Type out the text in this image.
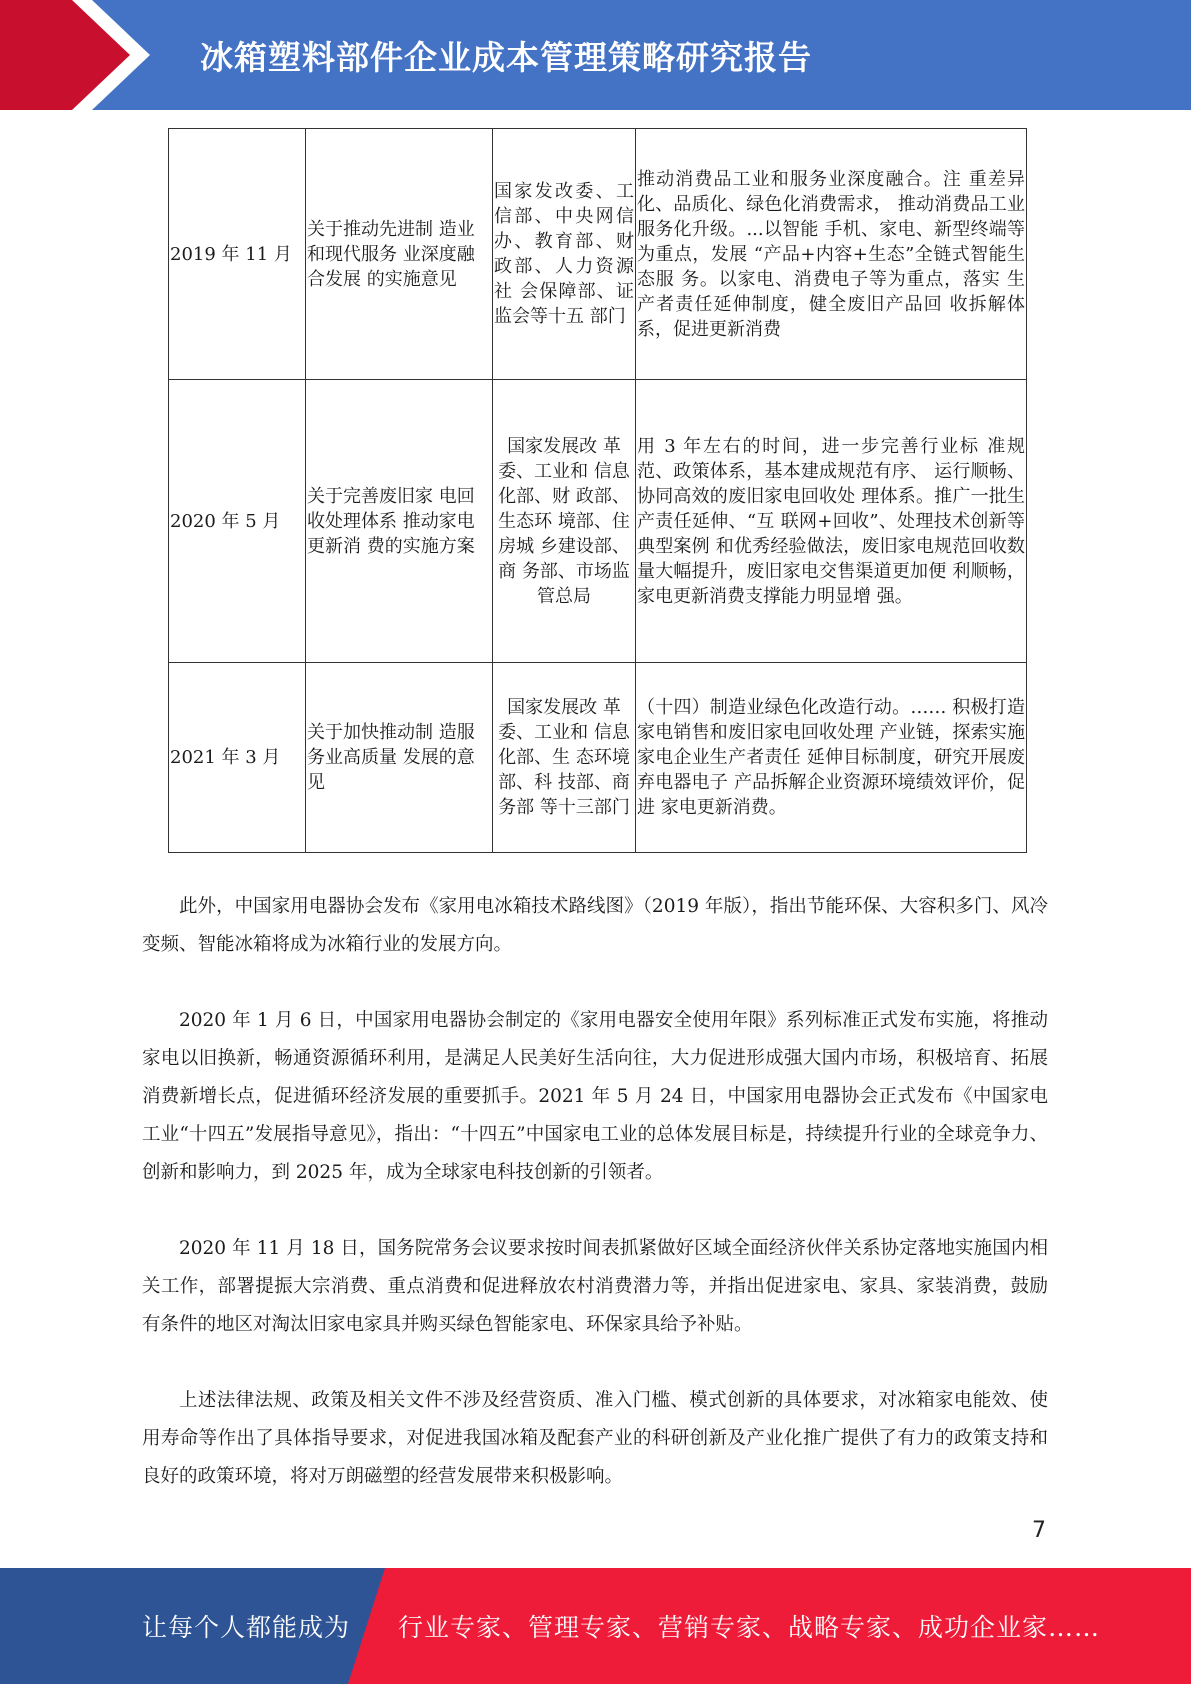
冰箱塑料部件企业成本管理策略研究报告
2019 年 11 月	关于推动先进制 造业和现代服务 业深度融合发展 的实施意见	国家发改委、工信部、中央网信办、教育部、财政部、人力资源社 会保障部、证 监会等十五 部门	推动消费品工业和服务业深度融合。注 重差异化、品质化、绿色化消费需求， 推动消费品工业服务化升级。...以智能 手机、家电、新型终端等为重点，发展 “产品+内容+生态”全链式智能生态服 务。以家电、消费电子等为重点，落实 生产者责任延伸制度，健全废旧产品回 收拆解体系，促进更新消费
2020 年 5 月	关于完善废旧家 电回收处理体系 推动家电更新消 费的实施方案	国家发展改 革委、工业和 信息化部、财 政部、生态环 境部、住房城 乡建设部、商 务部、市场监 管总局	用 3 年左右的时间，进一步完善行业标 准规范、政策体系，基本建成规范有序、 运行顺畅、协同高效的废旧家电回收处 理体系。推广一批生产责任延伸、“互 联网+回收”、处理技术创新等典型案例 和优秀经验做法，废旧家电规范回收数 量大幅提升，废旧家电交售渠道更加便 利顺畅，家电更新消费支撑能力明显增 强。
2021 年 3 月	关于加快推动制 造服务业高质量 发展的意见	国家发展改 革委、工业和 信息化部、生 态环境部、科 技部、商务部 等十三部门	（十四）制造业绿色化改造行动。…… 积极打造家电销售和废旧家电回收处理 产业链，探索实施家电企业生产者责任 延伸目标制度，研究开展废弃电器电子 产品拆解企业资源环境绩效评价，促进 家电更新消费。

此外，中国家用电器协会发布《家用电冰箱技术路线图》（2019 年版），指出节能环保、大容积多门、风冷变频、智能冰箱将成为冰箱行业的发展方向。

2020 年 1 月 6 日，中国家用电器协会制定的《家用电器安全使用年限》系列标准正式发布实施，将推动家电以旧换新，畅通资源循环利用，是满足人民美好生活向往，大力促进形成强大国内市场，积极培育、拓展消费新增长点，促进循环经济发展的重要抓手。2021 年 5 月 24 日，中国家用电器协会正式发布《中国家电工业“十四五”发展指导意见》，指出：“十四五”中国家电工业的总体发展目标是，持续提升行业的全球竞争力、创新和影响力，到 2025 年，成为全球家电科技创新的引领者。

2020 年 11 月 18 日，国务院常务会议要求按时间表抓紧做好区域全面经济伙伴关系协定落地实施国内相关工作，部署提振大宗消费、重点消费和促进释放农村消费潜力等，并指出促进家电、家具、家装消费，鼓励有条件的地区对淘汰旧家电家具并购买绿色智能家电、环保家具给予补贴。

上述法律法规、政策及相关文件不涉及经营资质、准入门槛、模式创新的具体要求，对冰箱家电能效、使用寿命等作出了具体指导要求，对促进我国冰箱及配套产业的科研创新及产业化推广提供了有力的政策支持和良好的政策环境，将对万朗磁塑的经营发展带来积极影响。

7
让每个人都能成为 行业专家、管理专家、营销专家、战略专家、成功企业家……
